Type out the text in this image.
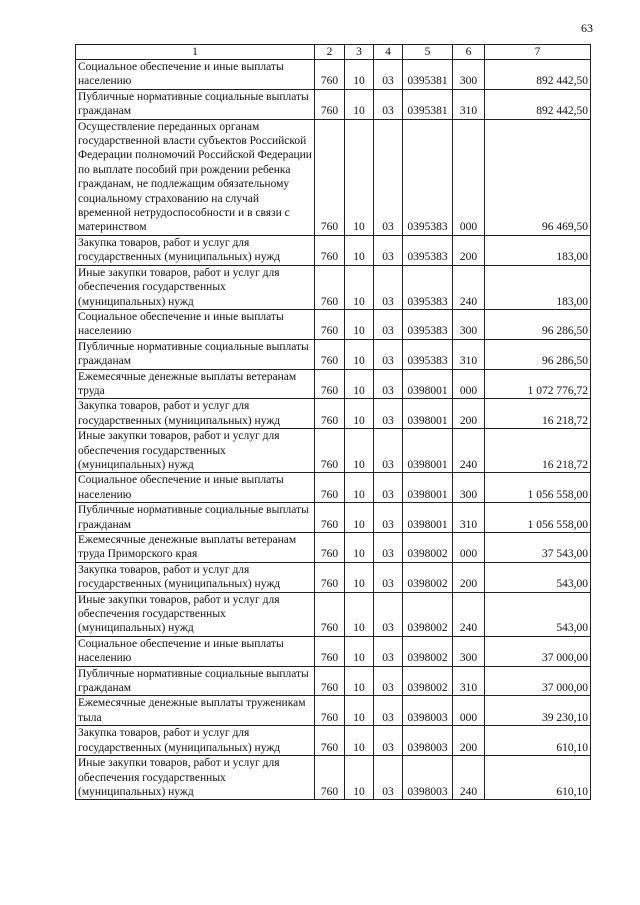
63
1	2	3	4	5	6	7
Социальное обеспечение и иные выплаты населению	760	10	03	0395381	300	892 442,50
Публичные нормативные социальные выплаты гражданам	760	10	03	0395381	310	892 442,50
Осуществление переданных органам государственной власти субъектов Российской Федерации полномочий Российской Федерации по выплате пособий при рождении ребенка гражданам, не подлежащим обязательному социальному страхованию на случай временной нетрудоспособности и в связи с материнством	760	10	03	0395383	000	96 469,50
Закупка товаров, работ и услуг для государственных (муниципальных) нужд	760	10	03	0395383	200	183,00
Иные закупки товаров, работ и услуг для обеспечения государственных (муниципальных) нужд	760	10	03	0395383	240	183,00
Социальное обеспечение и иные выплаты населению	760	10	03	0395383	300	96 286,50
Публичные нормативные социальные выплаты гражданам	760	10	03	0395383	310	96 286,50
Ежемесячные денежные выплаты ветеранам труда	760	10	03	0398001	000	1 072 776,72
Закупка товаров, работ и услуг для государственных (муниципальных) нужд	760	10	03	0398001	200	16 218,72
Иные закупки товаров, работ и услуг для обеспечения государственных (муниципальных) нужд	760	10	03	0398001	240	16 218,72
Социальное обеспечение и иные выплаты населению	760	10	03	0398001	300	1 056 558,00
Публичные нормативные социальные выплаты гражданам	760	10	03	0398001	310	1 056 558,00
Ежемесячные денежные выплаты ветеранам труда Приморского края	760	10	03	0398002	000	37 543,00
Закупка товаров, работ и услуг для государственных (муниципальных) нужд	760	10	03	0398002	200	543,00
Иные закупки товаров, работ и услуг для обеспечения государственных (муниципальных) нужд	760	10	03	0398002	240	543,00
Социальное обеспечение и иные выплаты населению	760	10	03	0398002	300	37 000,00
Публичные нормативные социальные выплаты гражданам	760	10	03	0398002	310	37 000,00
Ежемесячные денежные выплаты труженикам тыла	760	10	03	0398003	000	39 230,10
Закупка товаров, работ и услуг для государственных (муниципальных) нужд	760	10	03	0398003	200	610,10
Иные закупки товаров, работ и услуг для обеспечения государственных (муниципальных) нужд	760	10	03	0398003	240	610,10
